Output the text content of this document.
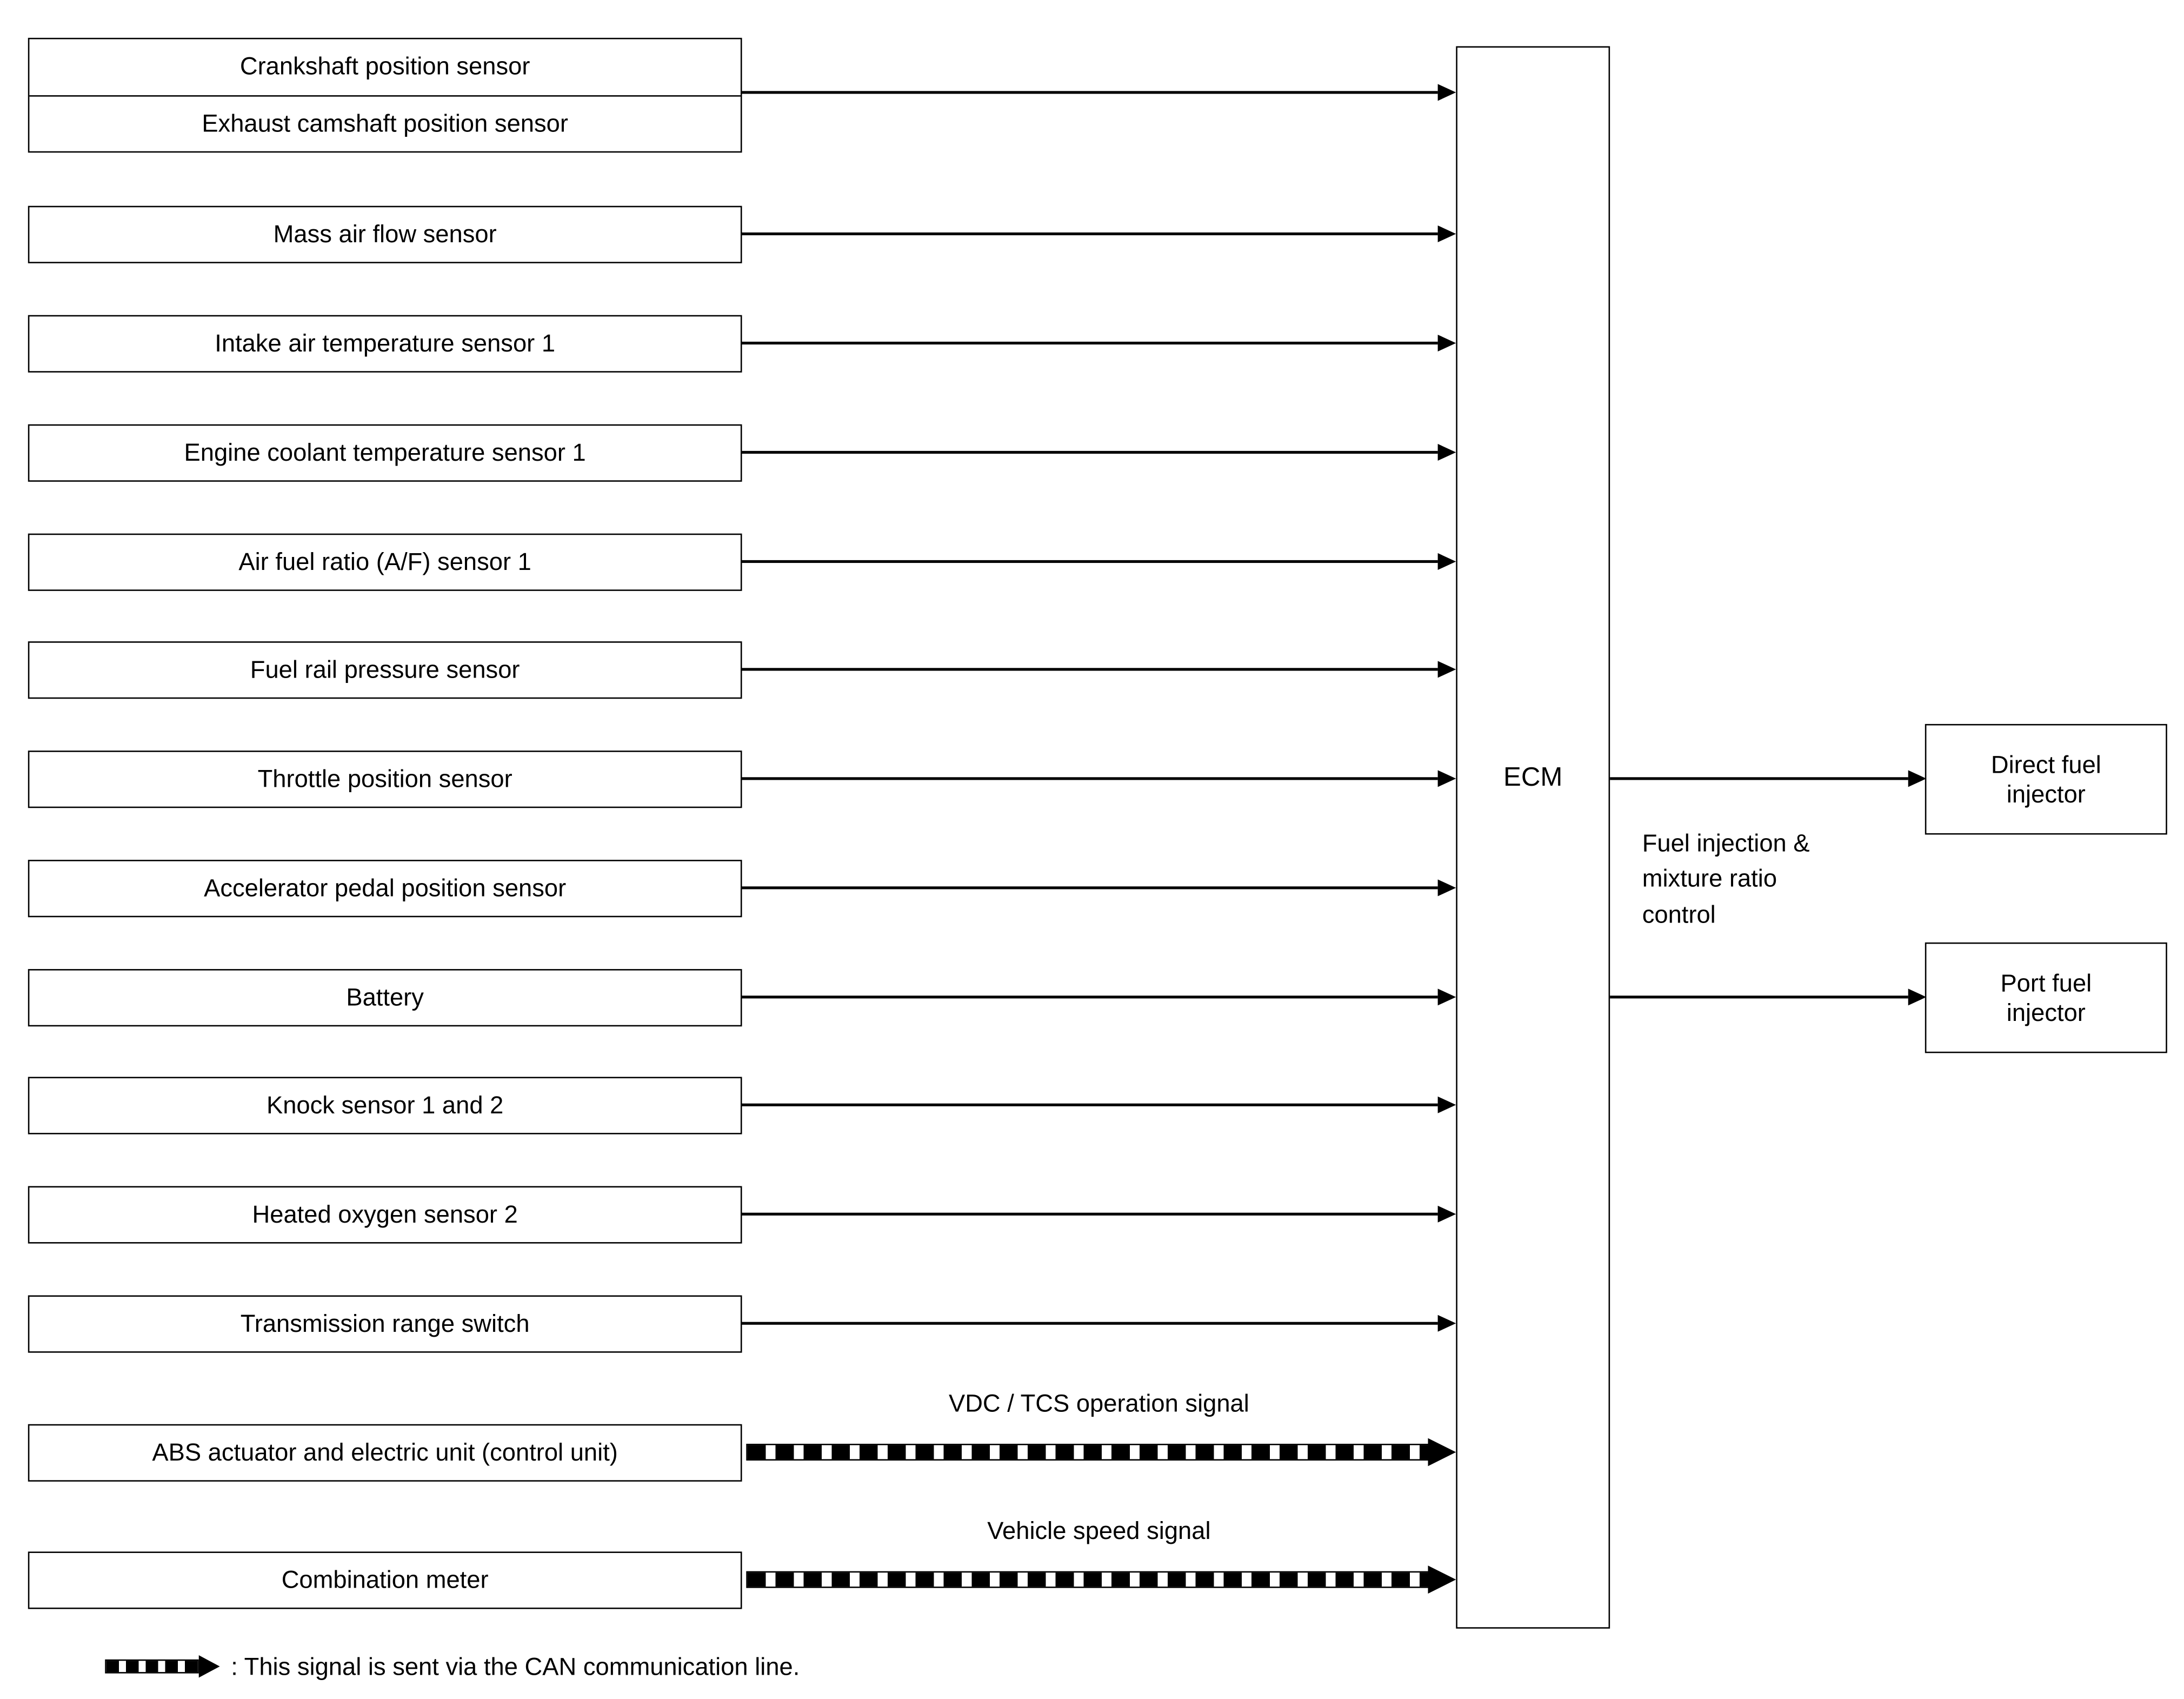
Crankshaft position sensor
Exhaust camshaft position sensor
Mass air flow sensor
Intake air temperature sensor 1
Engine coolant temperature sensor 1
Air fuel ratio (A/F) sensor 1
Fuel rail pressure sensor
Throttle position sensor
Accelerator pedal position sensor
Battery
Knock sensor 1 and 2
Heated oxygen sensor 2
Transmission range switch
ABS actuator and electric unit (control unit)
Combination meter
VDC / TCS operation signal
Vehicle speed signal
ECM
Fuel injection &
mixture ratio
control
Direct fuel
injector
Port fuel
injector
: This signal is sent via the CAN communication line.
